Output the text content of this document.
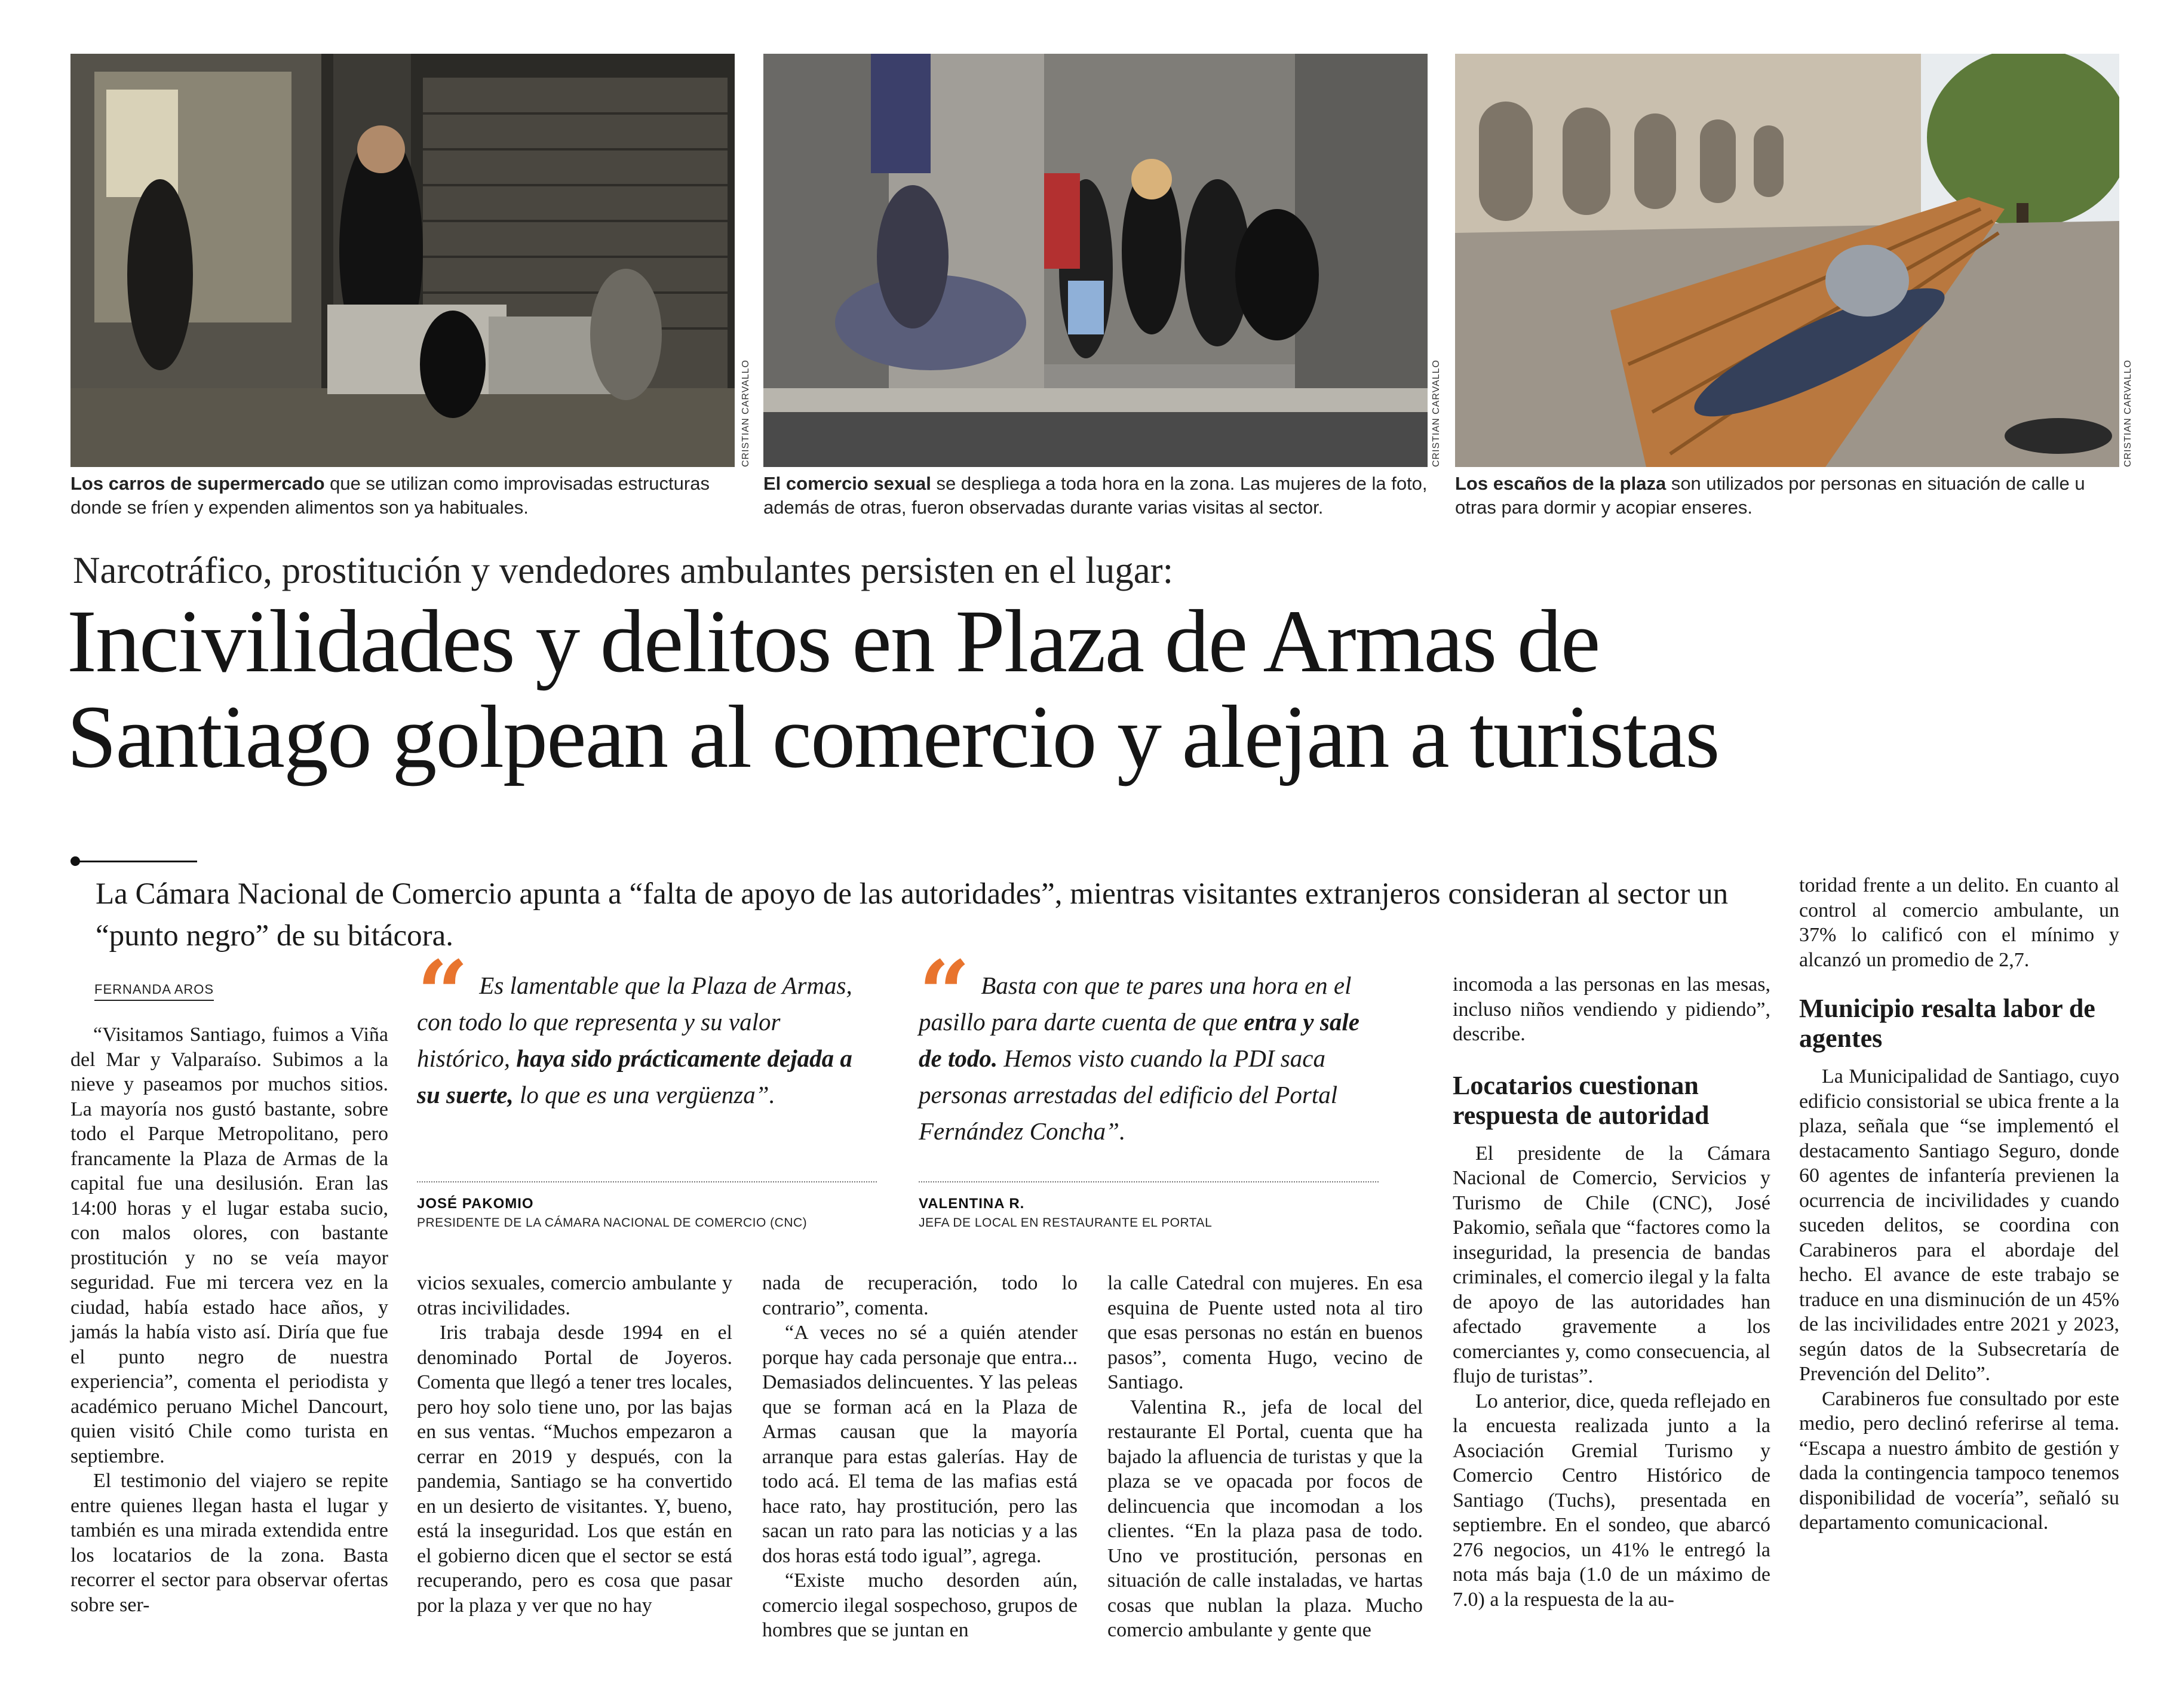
CRISTIAN CARVALLO	CRISTIAN CARVALLO	CRISTIAN CARVALLO
Los carros de supermercado que se utilizan como improvisadas estructuras donde se fríen y expenden alimentos son ya habituales.
El comercio sexual se despliega a toda hora en la zona. Las mujeres de la foto, además de otras, fueron observadas durante varias visitas al sector.
Los escaños de la plaza son utilizados por personas en situación de calle u otras para dormir y acopiar enseres.
Narcotráfico, prostitución y vendedores ambulantes persisten en el lugar:
Incivilidades y delitos en Plaza de Armas de
Santiago golpean al comercio y alejan a turistas
La Cámara Nacional de Comercio apunta a “falta de apoyo de las autoridades”, mientras visitantes extranjeros consideran al sector un “punto negro” de su bitácora.
FERNANDA AROS “ Es lamentable que la Plaza de Armas, con todo lo que representa y su valor histórico, haya sido prácticamente dejada a su suerte, lo que es una vergüenza”.
JOSÉ PAKOMIO
PRESIDENTE DE LA CÁMARA NACIONAL DE COMERCIO (CNC)
“ Basta con que te pares una hora en el pasillo para darte cuenta de que entra y sale de todo. Hemos visto cuando la PDI saca personas arrestadas del edificio del Portal Fernández Concha”.
VALENTINA R.
JEFA DE LOCAL EN RESTAURANTE EL PORTAL

“Visitamos Santiago, fuimos a Viña del Mar y Valparaíso. Subimos a la nieve y paseamos por muchos sitios. La mayoría nos gustó bastante, sobre todo el Parque Metropolitano, pero francamente la Plaza de Armas de la capital fue una desilusión. Eran las 14:00 horas y el lugar estaba sucio, con malos olores, con bastante prostitución y no se veía mayor seguridad. Fue mi tercera vez en la ciudad, había estado hace años, y jamás la había visto así. Diría que fue el punto negro de nuestra experiencia”, comenta el periodista y académico peruano Michel Dancourt, quien visitó Chile como turista en septiembre.

El testimonio del viajero se repite entre quienes llegan hasta el lugar y también es una mirada extendida entre los locatarios de la zona. Basta recorrer el sector para observar ofertas sobre ser-

vicios sexuales, comercio ambulante y otras incivilidades.

Iris trabaja desde 1994 en el denominado Portal de Joyeros. Comenta que llegó a tener tres locales, pero hoy solo tiene uno, por las bajas en sus ventas. “Muchos empezaron a cerrar en 2019 y después, con la pandemia, Santiago se ha convertido en un desierto de visitantes. Y, bueno, está la inseguridad. Los que están en el gobierno dicen que el sector se está recuperando, pero es cosa que pasar por la plaza y ver que no hay

nada de recuperación, todo lo contrario”, comenta.

“A veces no sé a quién atender porque hay cada personaje que entra... Demasiados delincuentes. Y las peleas que se forman acá en la Plaza de Armas causan que la mayoría arranque para estas galerías. Hay de todo acá. El tema de las mafias está hace rato, hay prostitución, pero las sacan un rato para las noticias y a las dos horas está todo igual”, agrega.

“Existe mucho desorden aún, comercio ilegal sospechoso, grupos de hombres que se juntan en

la calle Catedral con mujeres. En esa esquina de Puente usted nota al tiro que esas personas no están en buenos pasos”, comenta Hugo, vecino de Santiago.

Valentina R., jefa de local del restaurante El Portal, cuenta que ha bajado la afluencia de turistas y que la plaza se ve opacada por focos de delincuencia que incomodan a los clientes. “En la plaza pasa de todo. Uno ve prostitución, personas en situación de calle instaladas, ve hartas cosas que nublan la plaza. Mucho comercio ambulante y gente que

incomoda a las personas en las mesas, incluso niños vendiendo y pidiendo”, describe.

Locatarios cuestionan respuesta de autoridad

El presidente de la Cámara Nacional de Comercio, Servicios y Turismo de Chile (CNC), José Pakomio, señala que “factores como la inseguridad, la presencia de bandas criminales, el comercio ilegal y la falta de apoyo de las autoridades han afectado gravemente a los comerciantes y, como consecuencia, al flujo de turistas”.

Lo anterior, dice, queda reflejado en la encuesta realizada junto a la Asociación Gremial Turismo y Comercio Centro Histórico de Santiago (Tuchs), presentada en septiembre. En el sondeo, que abarcó 276 negocios, un 41% le entregó la nota más baja (1.0 de un máximo de 7.0) a la respuesta de la au-

toridad frente a un delito. En cuanto al control al comercio ambulante, un 37% lo calificó con el mínimo y alcanzó un promedio de 2,7.

Municipio resalta labor de agentes

La Municipalidad de Santiago, cuyo edificio consistorial se ubica frente a la plaza, señala que “se implementó el destacamento Santiago Seguro, donde 60 agentes de infantería previenen la ocurrencia de incivilidades y cuando suceden delitos, se coordina con Carabineros para el abordaje del hecho. El avance de este trabajo se traduce en una disminución de un 45% de las incivilidades entre 2021 y 2023, según datos de la Subsecretaría de Prevención del Delito”.

Carabineros fue consultado por este medio, pero declinó referirse al tema. “Escapa a nuestro ámbito de gestión y dada la contingencia tampoco tenemos disponibilidad de vocería”, señaló su departamento comunicacional.
